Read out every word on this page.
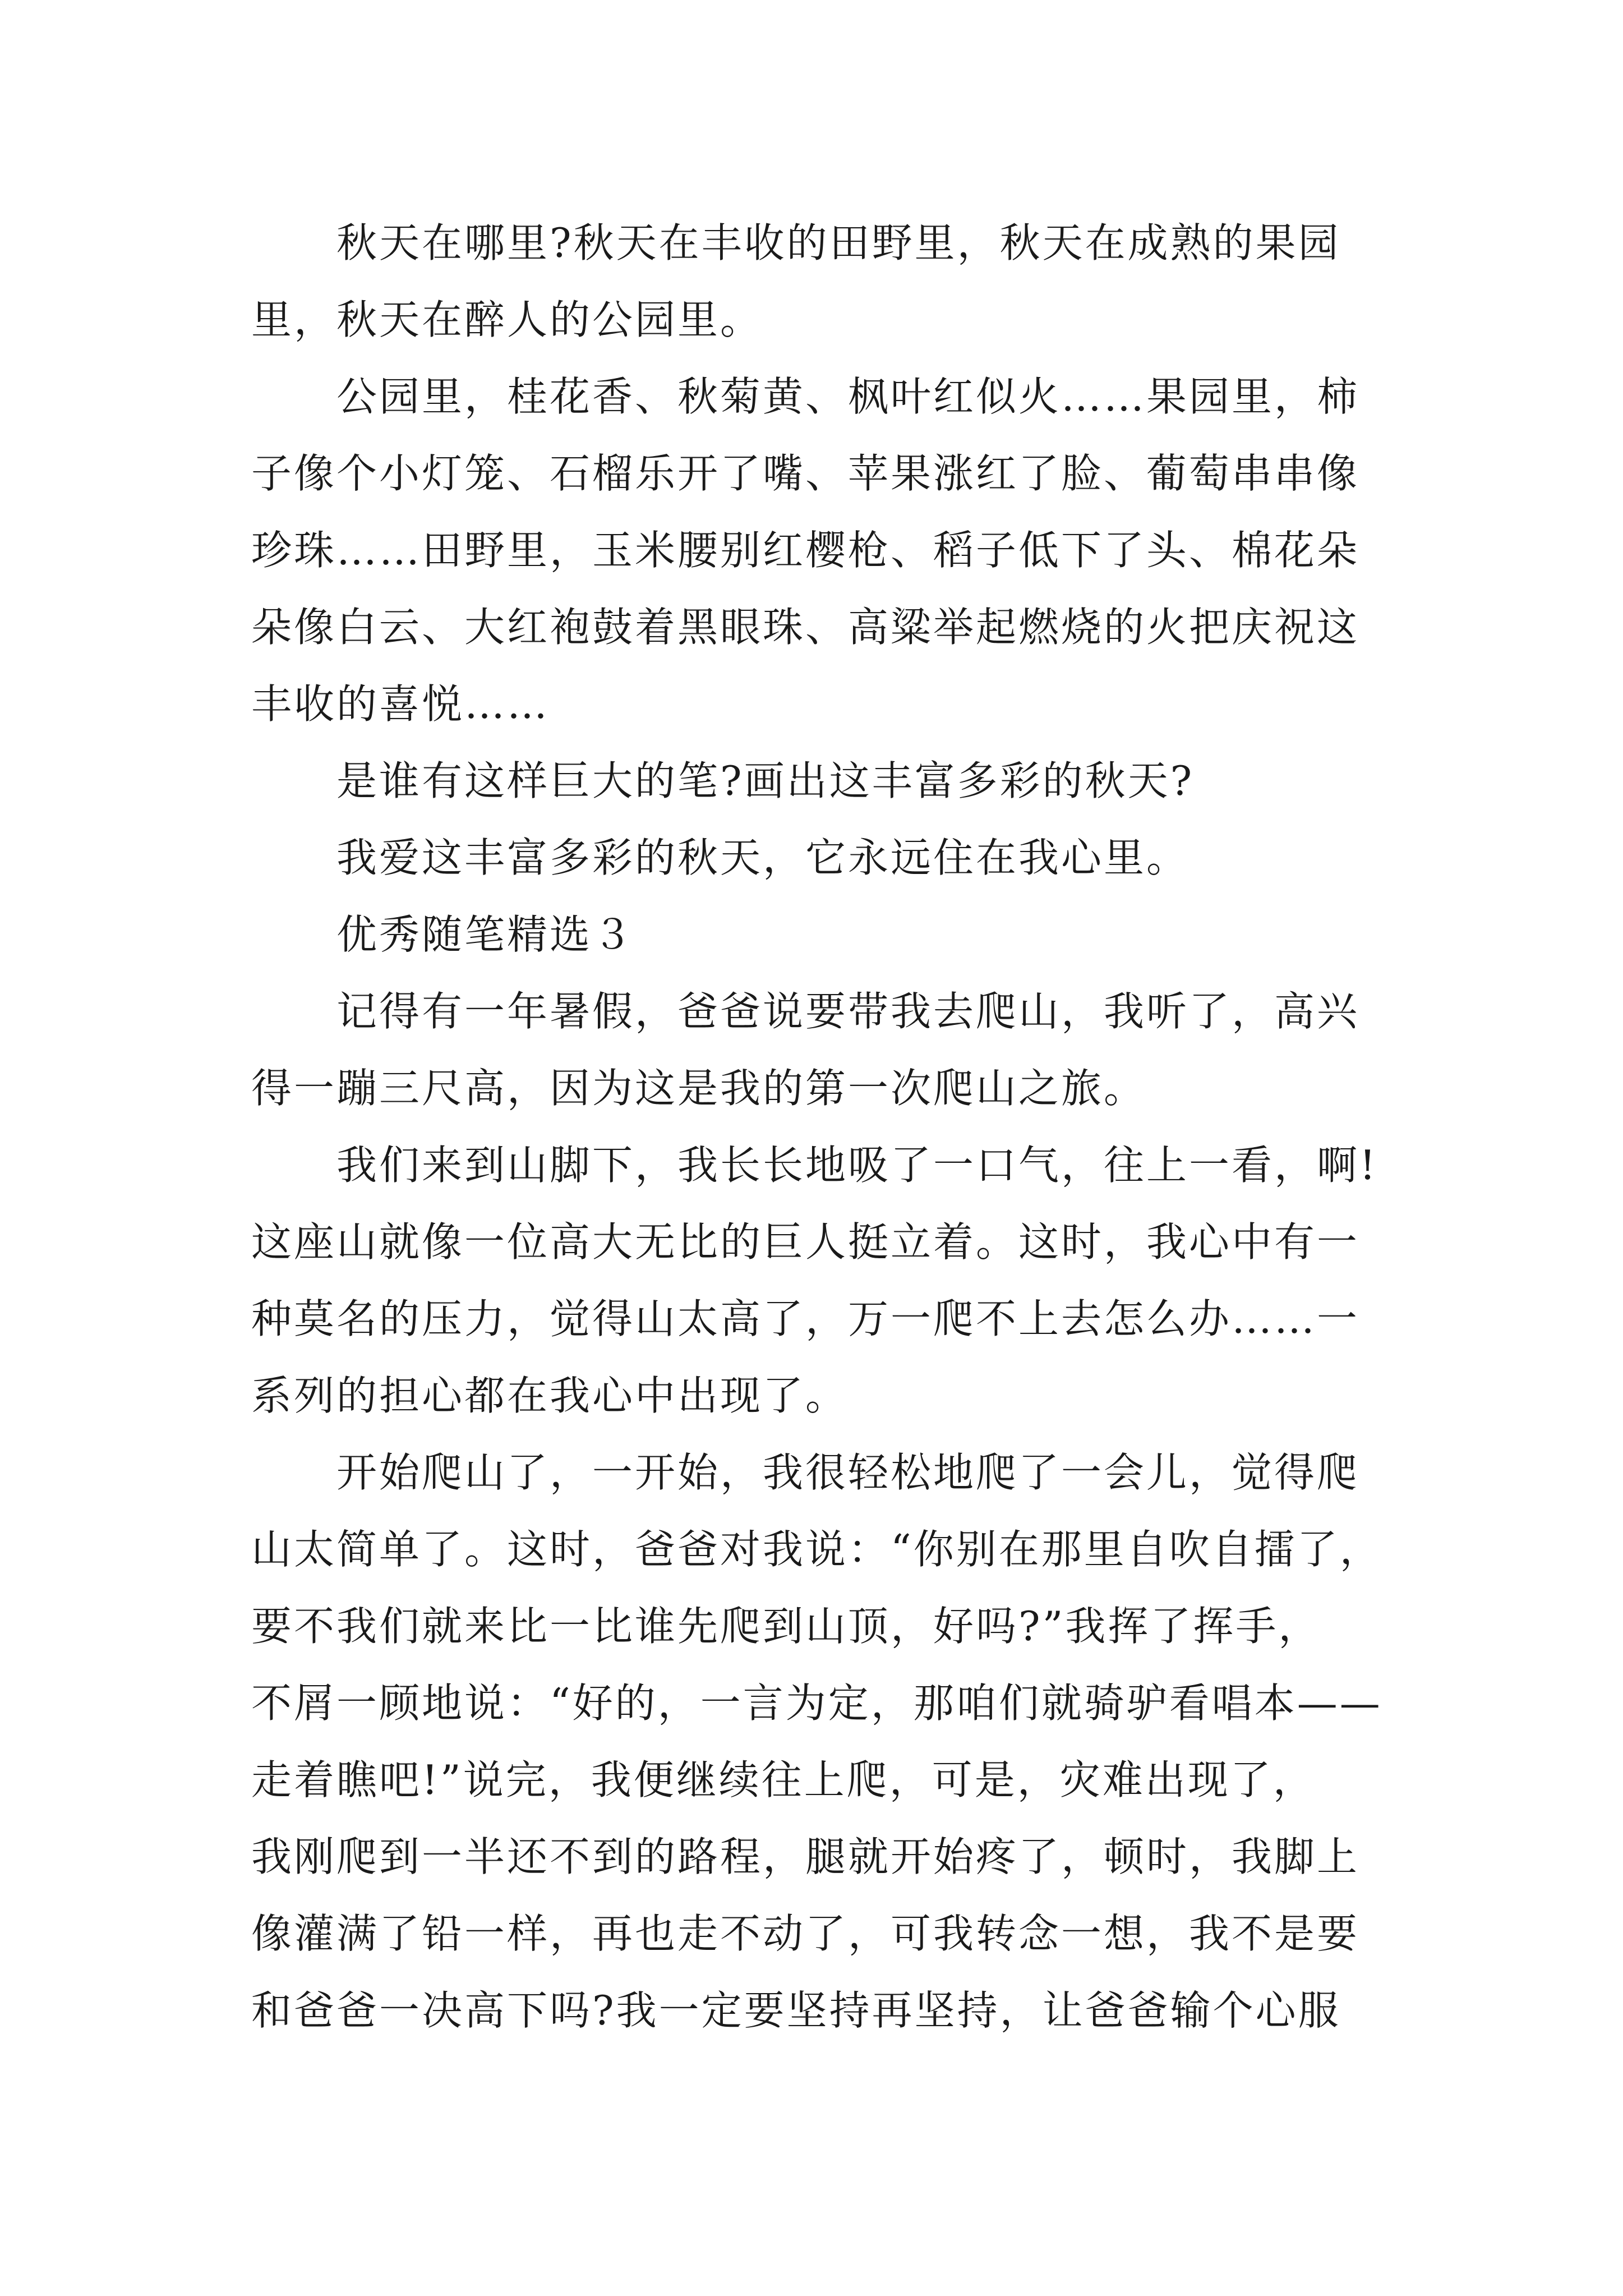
秋天在哪里?秋天在丰收的田野里，秋天在成熟的果园
里，秋天在醉人的公园里。

公园里，桂花香、秋菊黄、枫叶红似火……果园里，柿
子像个小灯笼、石榴乐开了嘴、苹果涨红了脸、葡萄串串像
珍珠……田野里，玉米腰别红樱枪、稻子低下了头、棉花朵
朵像白云、大红袍鼓着黑眼珠、高粱举起燃烧的火把庆祝这
丰收的喜悦……

是谁有这样巨大的笔?画出这丰富多彩的秋天?

我爱这丰富多彩的秋天，它永远住在我心里。

优秀随笔精选３

记得有一年暑假，爸爸说要带我去爬山，我听了，高兴
得一蹦三尺高，因为这是我的第一次爬山之旅。

我们来到山脚下，我长长地吸了一口气，往上一看，啊!
这座山就像一位高大无比的巨人挺立着。这时，我心中有一
种莫名的压力，觉得山太高了，万一爬不上去怎么办……一
系列的担心都在我心中出现了。

开始爬山了，一开始，我很轻松地爬了一会儿，觉得爬
山太简单了。这时，爸爸对我说：“你别在那里自吹自擂了，
要不我们就来比一比谁先爬到山顶，好吗?”我挥了挥手，
不屑一顾地说：“好的，一言为定，那咱们就骑驴看唱本——
走着瞧吧!”说完，我便继续往上爬，可是，灾难出现了，
我刚爬到一半还不到的路程，腿就开始疼了，顿时，我脚上
像灌满了铅一样，再也走不动了，可我转念一想，我不是要
和爸爸一决高下吗?我一定要坚持再坚持，让爸爸输个心服
